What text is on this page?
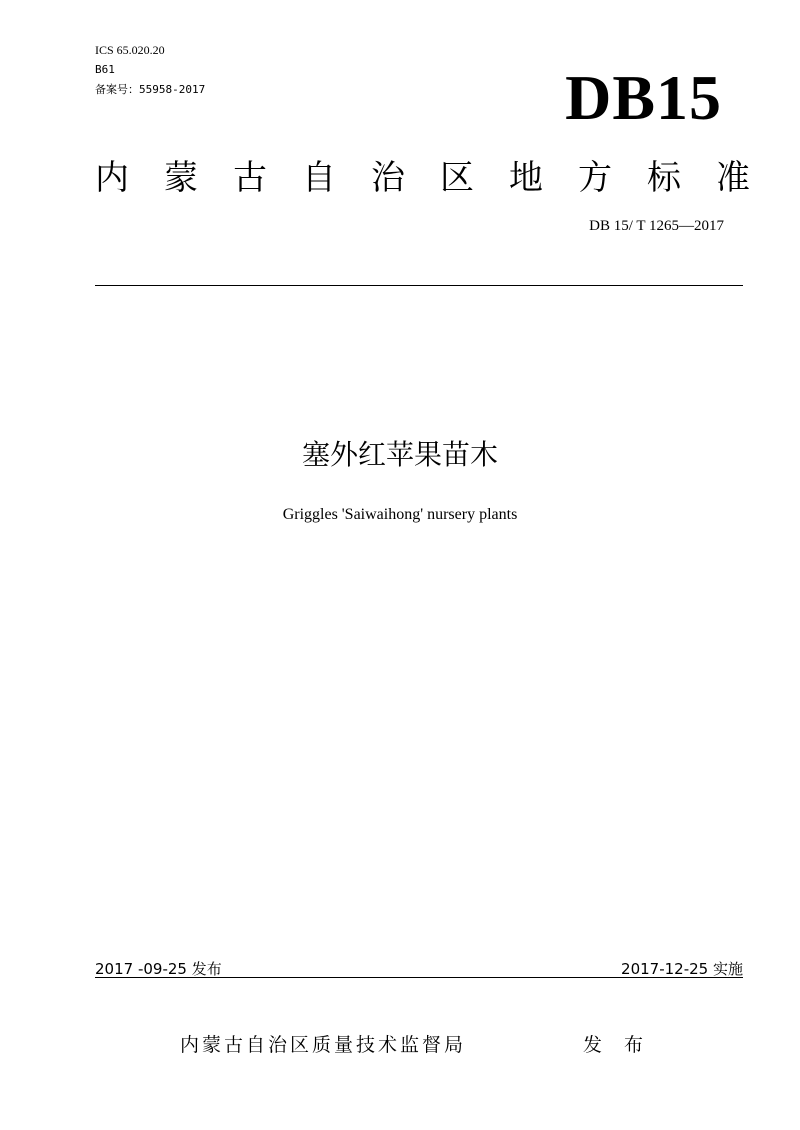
ICS 65.020.20
B61
备案号：55958-2017	DB15
内 蒙 古 自 治 区 地 方 标 准
DB 15/ T 1265—2017
塞外红苹果苗木
Griggles 'Saiwaihong' nursery plants
2017 -09-25 发布	2017-12-25 实施
内蒙古自治区质量技术监督局	发 布
